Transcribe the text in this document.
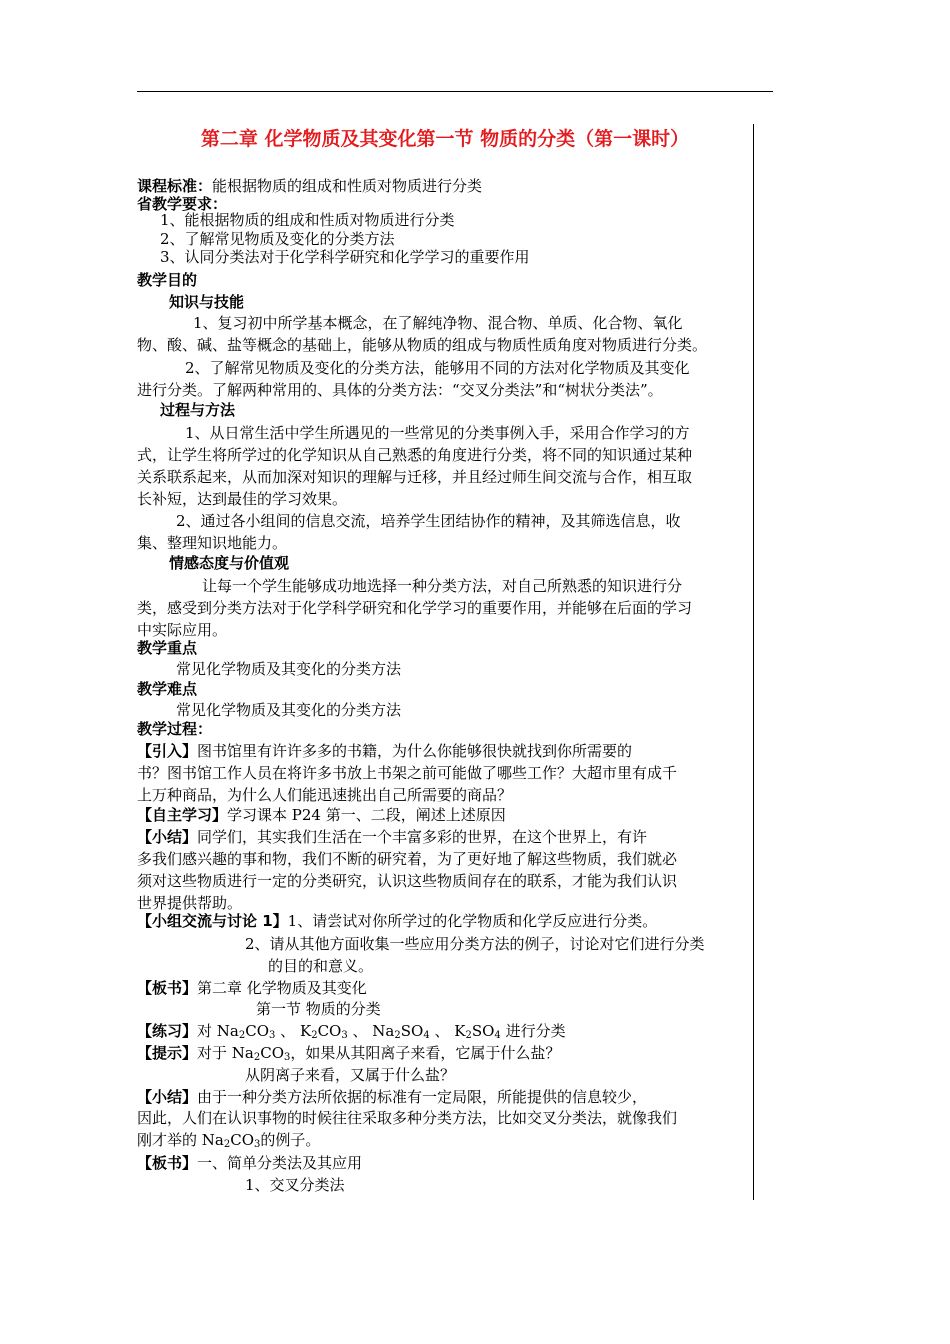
第二章 化学物质及其变化第一节 物质的分类（第一课时）
课程标准：能根据物质的组成和性质对物质进行分类
省教学要求：
1、能根据物质的组成和性质对物质进行分类
2、了解常见物质及变化的分类方法
3、认同分类法对于化学科学研究和化学学习的重要作用
教学目的
知识与技能
1、复习初中所学基本概念，在了解纯净物、混合物、单质、化合物、氧化
物、酸、碱、盐等概念的基础上，能够从物质的组成与物质性质角度对物质进行分类。
2、了解常见物质及变化的分类方法，能够用不同的方法对化学物质及其变化
进行分类。了解两种常用的、具体的分类方法：“交叉分类法”和“树状分类法”。
过程与方法
1、从日常生活中学生所遇见的一些常见的分类事例入手，采用合作学习的方
式，让学生将所学过的化学知识从自己熟悉的角度进行分类，将不同的知识通过某种
关系联系起来，从而加深对知识的理解与迁移，并且经过师生间交流与合作，相互取
长补短，达到最佳的学习效果。
2、通过各小组间的信息交流，培养学生团结协作的精神，及其筛选信息，收
集、整理知识地能力。
情感态度与价值观
让每一个学生能够成功地选择一种分类方法，对自己所熟悉的知识进行分
类，感受到分类方法对于化学科学研究和化学学习的重要作用，并能够在后面的学习
中实际应用。
教学重点
常见化学物质及其变化的分类方法
教学难点
常见化学物质及其变化的分类方法
教学过程：
【引入】图书馆里有许许多多的书籍，为什么你能够很快就找到你所需要的
书？图书馆工作人员在将许多书放上书架之前可能做了哪些工作？大超市里有成千
上万种商品，为什么人们能迅速挑出自己所需要的商品？
【自主学习】学习课本 P24 第一、二段，阐述上述原因
【小结】同学们，其实我们生活在一个丰富多彩的世界，在这个世界上，有许
多我们感兴趣的事和物，我们不断的研究着，为了更好地了解这些物质，我们就必
须对这些物质进行一定的分类研究，认识这些物质间存在的联系，才能为我们认识
世界提供帮助。
【小组交流与讨论 1】1、请尝试对你所学过的化学物质和化学反应进行分类。
2、请从其他方面收集一些应用分类方法的例子，讨论对它们进行分类
的目的和意义。
【板书】第二章 化学物质及其变化
第一节 物质的分类
【练习】对 $Na_2CO_3$ 、 $K_2CO_3$ 、 $Na_2SO_4$ 、 $K_2SO_4$ 进行分类
【提示】对于 $Na_2CO_3$，如果从其阳离子来看，它属于什么盐？
从阴离子来看，又属于什么盐？
【小结】由于一种分类方法所依据的标准有一定局限，所能提供的信息较少，
因此，人们在认识事物的时候往往采取多种分类方法，比如交叉分类法，就像我们
刚才举的 $Na_2CO_3$的例子。
【板书】一、简单分类法及其应用
1、交叉分类法
